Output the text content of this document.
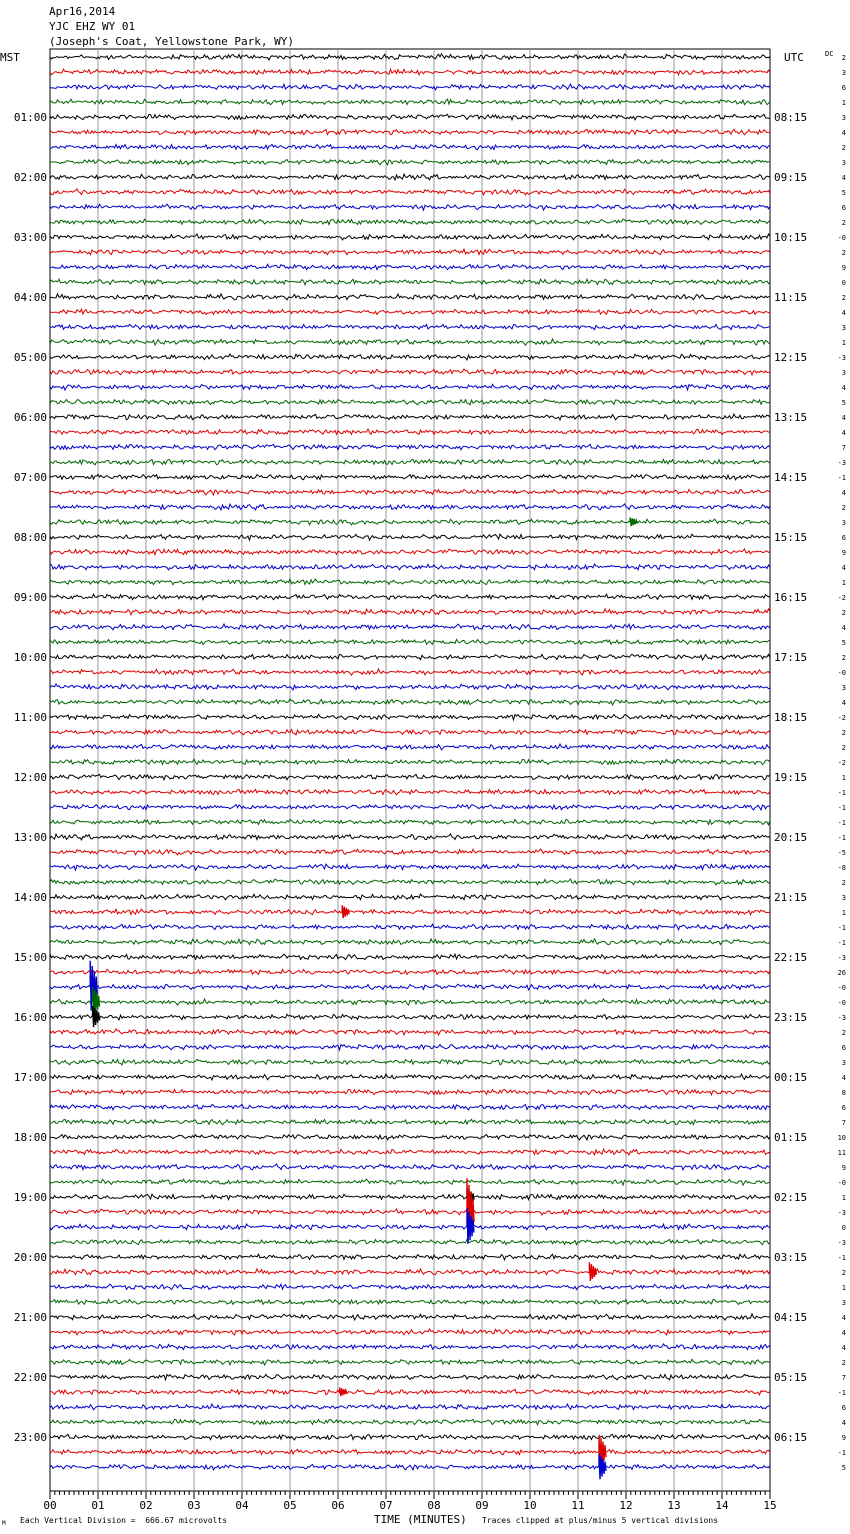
Apr16,2014
YJC EHZ WY 01
(Joseph's Coat, Yellowstone Park, WY)
MST	UTC	DC
00	01	02	03	04	05	06	07	08	09	10	11	12	13	14	15
01:00
02:00
03:00
04:00
05:00
06:00
07:00
08:00
09:00
10:00
11:00
12:00
13:00
14:00
15:00
16:00
17:00
18:00
19:00
20:00
21:00
22:00
23:00
08:15
09:15
10:15
11:15
12:15
13:15
14:15
15:15
16:15
17:15
18:15
19:15
20:15
21:15
22:15
23:15
00:15
01:15
02:15
03:15
04:15
05:15
06:15
2
3
6
1
3
4
2
3
4
5
6
2
-0
2
9
0
2
4
3
1
-3
3
4
5
4
4
7
-3
-1
4
2
3
6
9
4
1
-2
2
4
5
2
-0
3
4
-2
2
2
-2
1
-1
-1
-1
-1
-5
-8
2
3
1
-1
-1
-3
26
-0
-0
-3
2
6
3
4
8
6
7
10
11
9
-0
1
-3
0
-3
-1
2
1
3
4
4
4
2
7
-1
6
4
9
-1
5
Each Vertical Division =  666.67 microvolts	TIME (MINUTES) Traces clipped at plus/minus 5 vertical divisions
M
